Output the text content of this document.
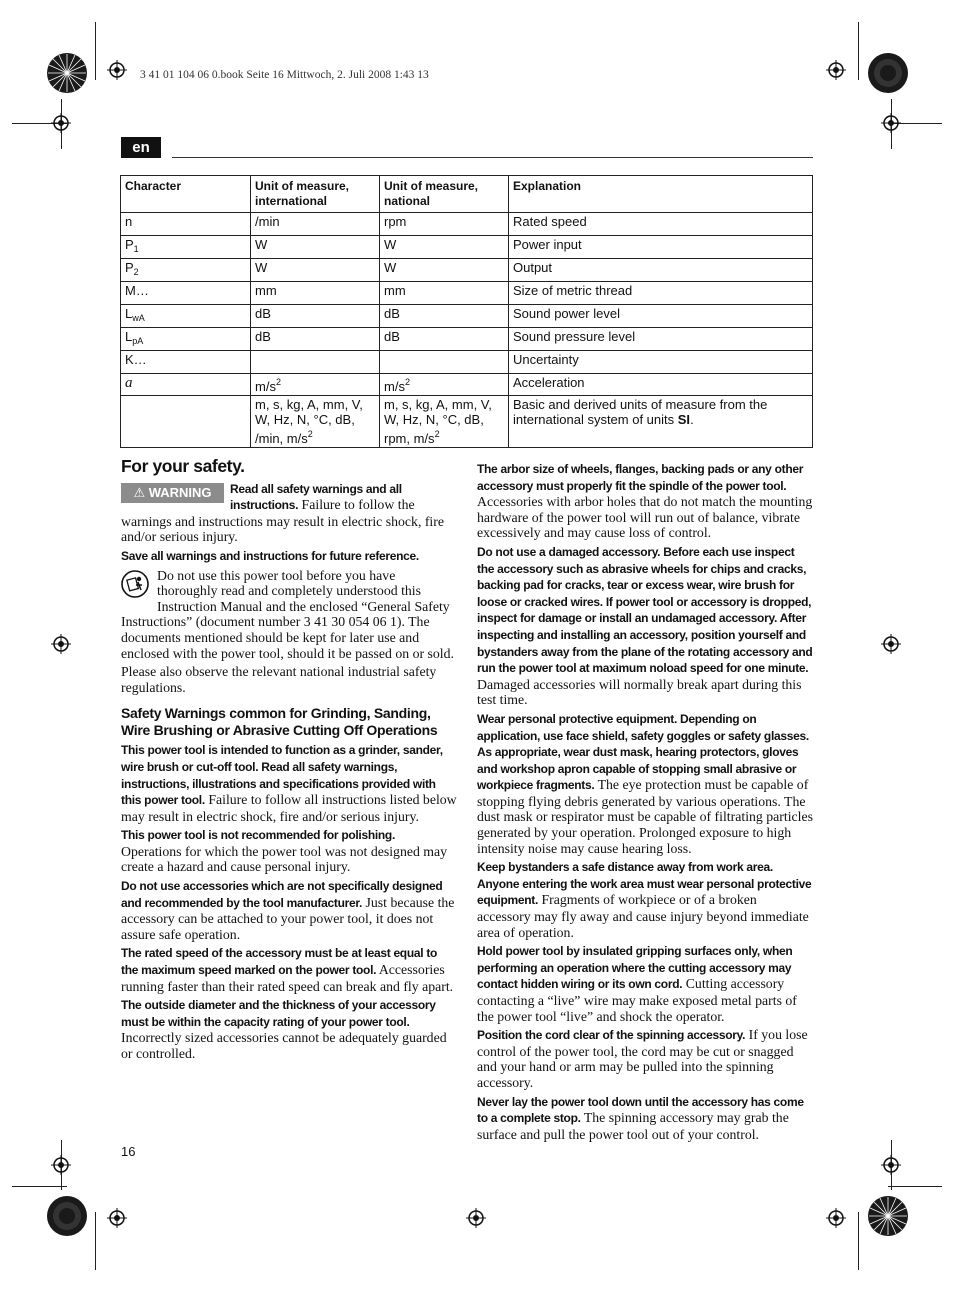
3 41 01 104 06 0.book Seite 16 Mittwoch, 2. Juli 2008 1:43 13
en
Character	Unit of measure, international	Unit of measure, national	Explanation
n	/min	rpm	Rated speed
$P_1$	W	W	Power input
$P_2$	W	W	Output
M…	mm	mm	Size of metric thread
$L_{wA}$	dB	dB	Sound power level
$L_{pA}$	dB	dB	Sound pressure level
K…			Uncertainty
a	$m/s^2$	$m/s^2$	Acceleration
	m, s, kg, A, mm, V, W, Hz, N, °C, dB, /min, $m/s^2$	m, s, kg, A, mm, V, W, Hz, N, °C, dB, rpm, $m/s^2$	Basic and derived units of measure from the international system of units SI.
For your safety.

⚠ WARNING	Read all safety warnings and all instructions. Failure to follow the warnings and instructions may result in electric shock, fire and/or serious injury.

Save all warnings and instructions for future reference.

Do not use this power tool before you have thoroughly read and completely understood this Instruction Manual and the enclosed “General Safety Instructions” (document number 3 41 30 054 06 1). The documents mentioned should be kept for later use and enclosed with the power tool, should it be passed on or sold.

Please also observe the relevant national industrial safety regulations.

Safety Warnings common for Grinding, Sanding, Wire Brushing or Abrasive Cutting Off Operations

This power tool is intended to function as a grinder, sander, wire brush or cut-off tool. Read all safety warnings, instructions, illustrations and specifications provided with this power tool. Failure to follow all instructions listed below may result in electric shock, fire and/or serious injury.

This power tool is not recommended for polishing. Operations for which the power tool was not designed may create a hazard and cause personal injury.

Do not use accessories which are not specifically designed and recommended by the tool manufacturer. Just because the accessory can be attached to your power tool, it does not assure safe operation.

The rated speed of the accessory must be at least equal to the maximum speed marked on the power tool. Accessories running faster than their rated speed can break and fly apart.

The outside diameter and the thickness of your accessory must be within the capacity rating of your power tool. Incorrectly sized accessories cannot be adequately guarded or controlled.

The arbor size of wheels, flanges, backing pads or any other accessory must properly fit the spindle of the power tool. Accessories with arbor holes that do not match the mounting hardware of the power tool will run out of balance, vibrate excessively and may cause loss of control.

Do not use a damaged accessory. Before each use inspect the accessory such as abrasive wheels for chips and cracks, backing pad for cracks, tear or excess wear, wire brush for loose or cracked wires. If power tool or accessory is dropped, inspect for damage or install an undamaged accessory. After inspecting and installing an accessory, position yourself and bystanders away from the plane of the rotating accessory and run the power tool at maximum noload speed for one minute. Damaged accessories will normally break apart during this test time.

Wear personal protective equipment. Depending on application, use face shield, safety goggles or safety glasses. As appropriate, wear dust mask, hearing protectors, gloves and workshop apron capable of stopping small abrasive or workpiece fragments. The eye protection must be capable of stopping flying debris generated by various operations. The dust mask or respirator must be capable of filtrating particles generated by your operation. Prolonged exposure to high intensity noise may cause hearing loss.

Keep bystanders a safe distance away from work area. Anyone entering the work area must wear personal protective equipment. Fragments of workpiece or of a broken accessory may fly away and cause injury beyond immediate area of operation.

Hold power tool by insulated gripping surfaces only, when performing an operation where the cutting accessory may contact hidden wiring or its own cord. Cutting accessory contacting a “live” wire may make exposed metal parts of the power tool “live” and shock the operator.

Position the cord clear of the spinning accessory. If you lose control of the power tool, the cord may be cut or snagged and your hand or arm may be pulled into the spinning accessory.

Never lay the power tool down until the accessory has come to a complete stop. The spinning accessory may grab the surface and pull the power tool out of your control.

16
